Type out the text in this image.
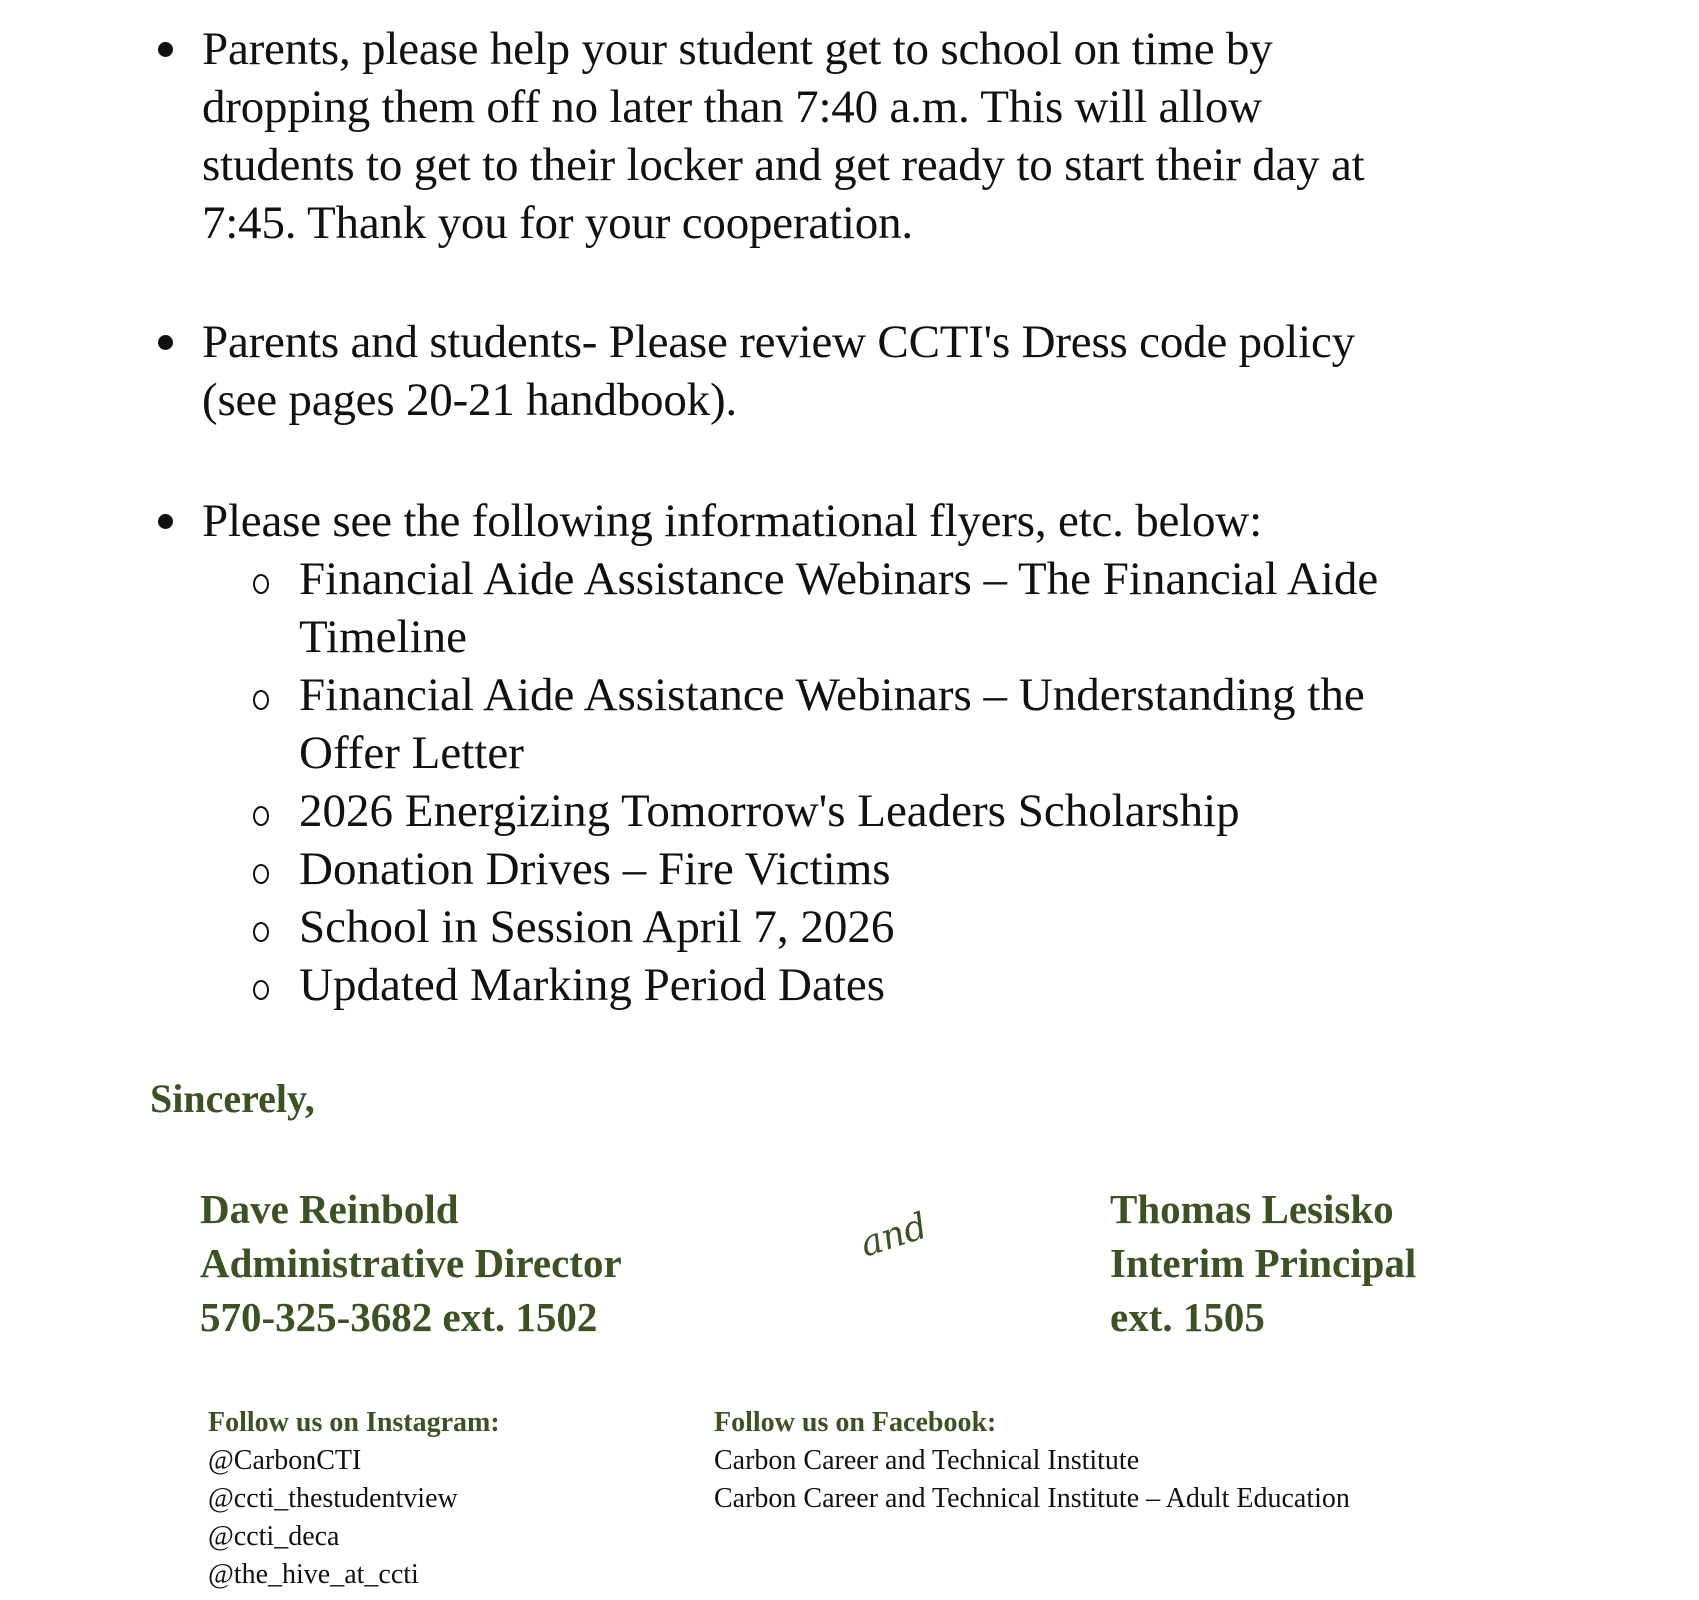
Parents, please help your student get to school on time by
dropping them off no later than 7:40 a.m. This will allow
students to get to their locker and get ready to start their day at
7:45. Thank you for your cooperation.
Parents and students- Please review CCTI's Dress code policy
(see pages 20-21 handbook).
Please see the following informational flyers, etc. below:
Financial Aide Assistance Webinars – The Financial Aide
Timeline
Financial Aide Assistance Webinars – Understanding the
Offer Letter
2026 Energizing Tomorrow's Leaders Scholarship
Donation Drives – Fire Victims
School in Session April 7, 2026
Updated Marking Period Dates
Sincerely,
Dave Reinbold
Administrative Director
570-325-3682 ext. 1502
and	Thomas Lesisko
Interim Principal
ext. 1505
Follow us on Instagram:
@CarbonCTI
@ccti_thestudentview
@ccti_deca
@the_hive_at_ccti
Follow us on Facebook:
Carbon Career and Technical Institute
Carbon Career and Technical Institute – Adult Education
